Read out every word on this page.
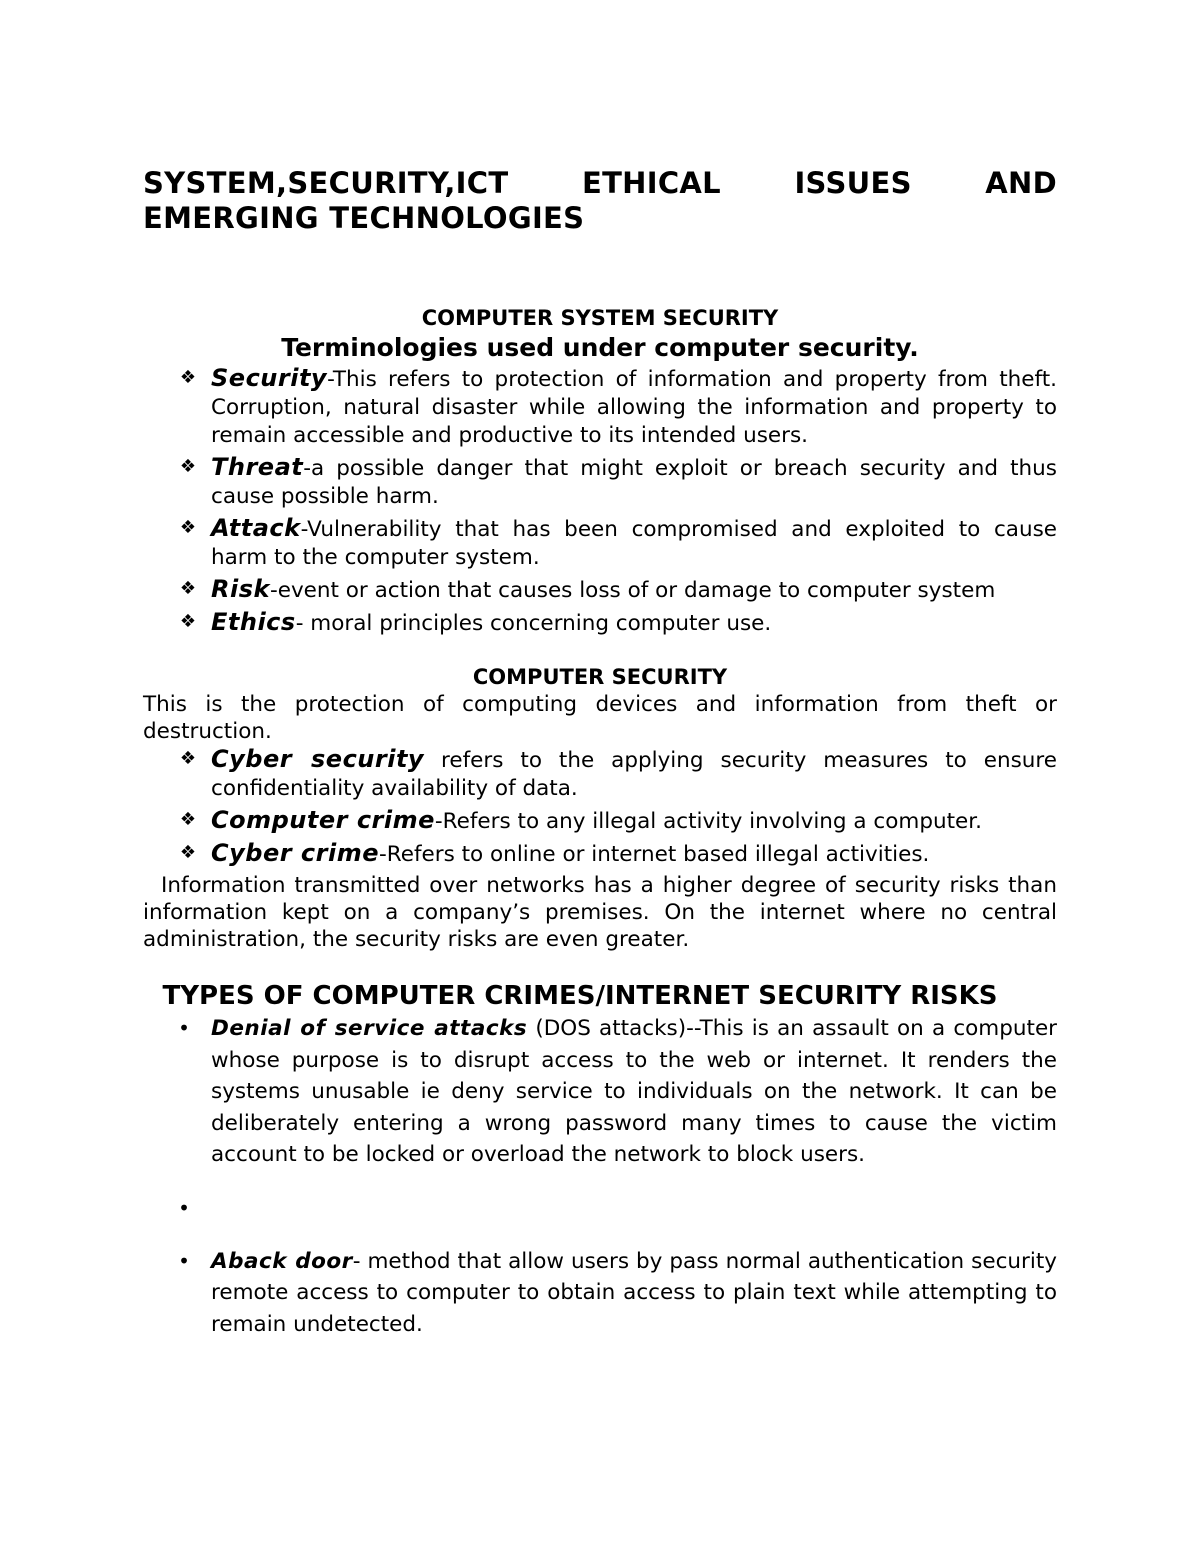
SYSTEM,SECURITY,ICT ETHICAL ISSUES AND
EMERGING TECHNOLOGIES
COMPUTER SYSTEM SECURITY
Terminologies used under computer security.
❖ Security-This refers to protection of information and property from theft. Corruption, natural disaster while allowing the information and property to remain accessible and productive to its intended users.
❖ Threat-a possible danger that might exploit or breach security and thus cause possible harm.
❖ Attack-Vulnerability that has been compromised and exploited to cause harm to the computer system.
❖ Risk-event or action that causes loss of or damage to computer system
❖ Ethics- moral principles concerning computer use.
COMPUTER SECURITY

This is the protection of computing devices and information from theft or destruction.

❖ Cyber security refers to the applying security measures to ensure confidentiality availability of data.
❖ Computer crime-Refers to any illegal activity involving a computer.
❖ Cyber crime-Refers to online or internet based illegal activities.

Information transmitted over networks has a higher degree of security risks than information kept on a company’s premises. On the internet where no central administration, the security risks are even greater.

TYPES OF COMPUTER CRIMES/INTERNET SECURITY RISKS
• Denial of service attacks (DOS attacks)--This is an assault on a computer whose purpose is to disrupt access to the web or internet. It renders the systems unusable ie deny service to individuals on the network. It can be deliberately entering a wrong password many times to cause the victim account to be locked or overload the network to block users.
•
• Aback door- method that allow users by pass normal authentication security remote access to computer to obtain access to plain text while attempting to remain undetected.
